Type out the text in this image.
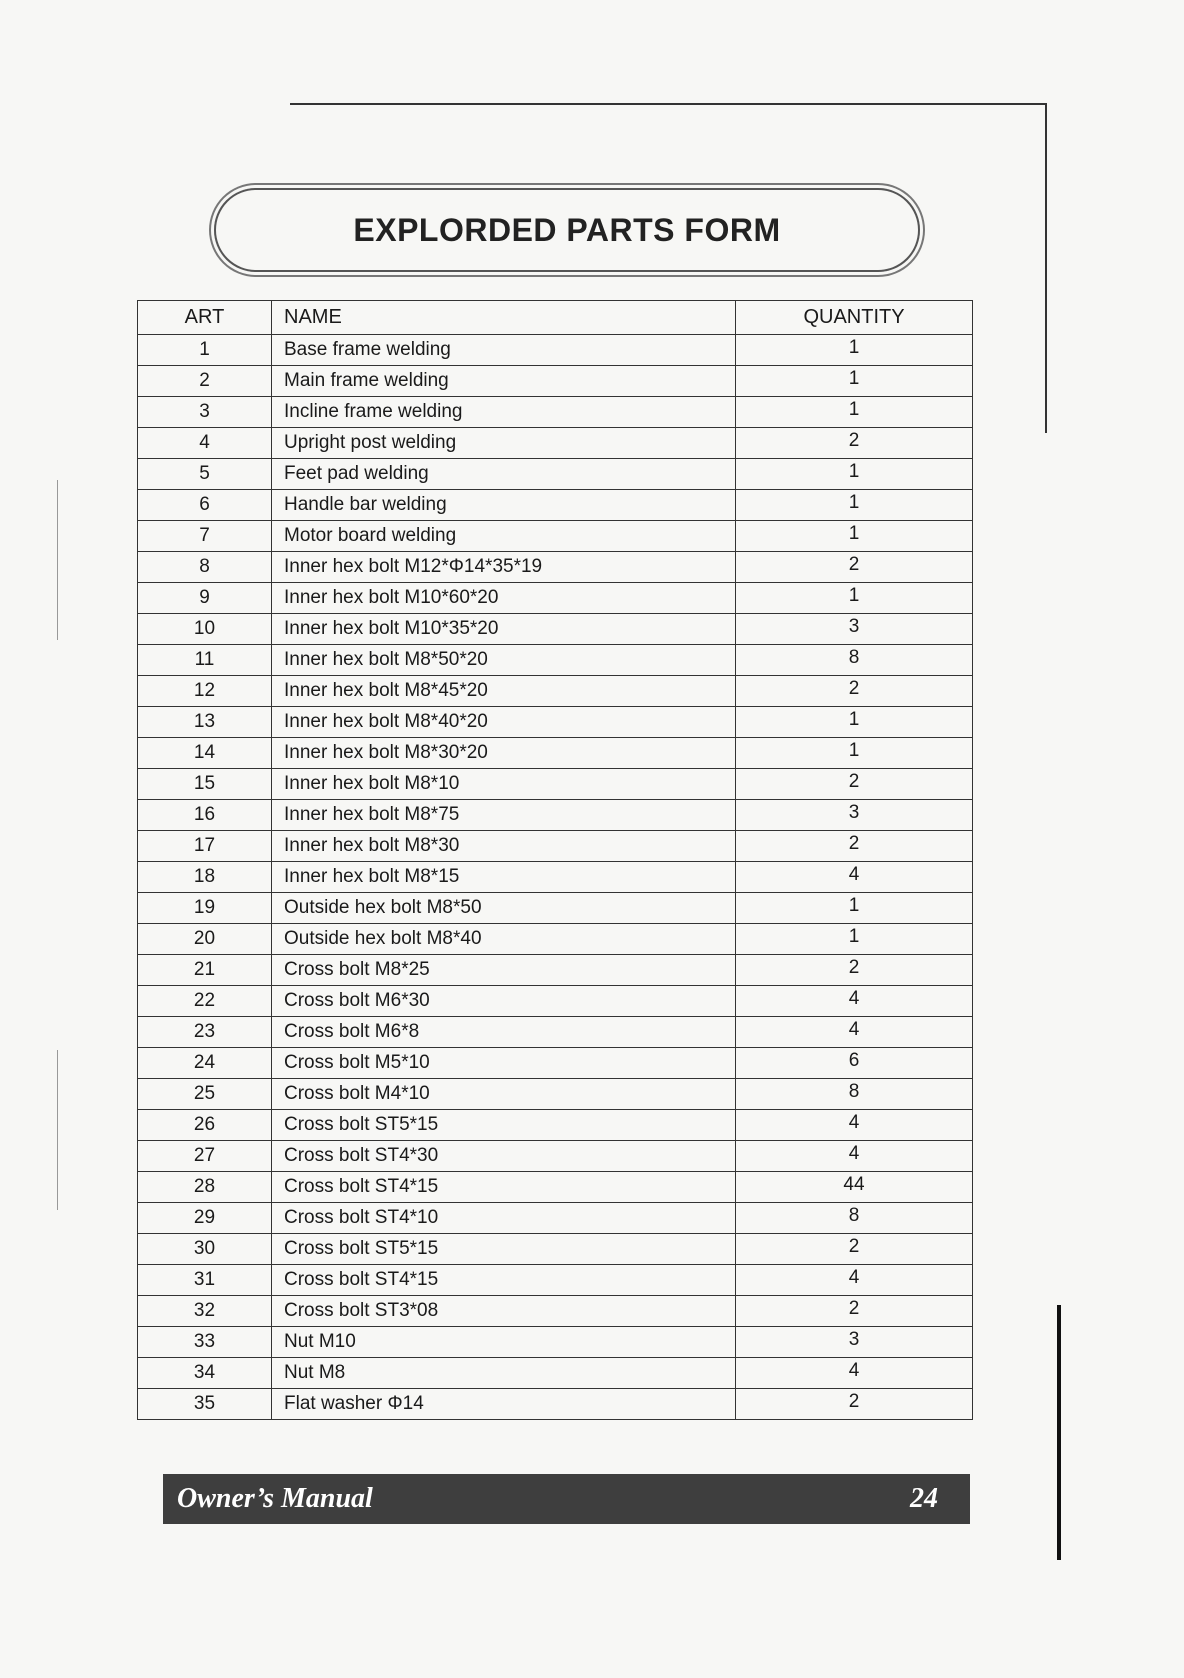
EXPLORDED PARTS FORM
ART	NAME	QUANTITY
1	Base frame welding	1
2	Main frame welding	1
3	Incline frame welding	1
4	Upright post welding	2
5	Feet pad welding	1
6	Handle bar welding	1
7	Motor board welding	1
8	Inner hex bolt M12*Φ14*35*19	2
9	Inner hex bolt M10*60*20	1
10	Inner hex bolt M10*35*20	3
11	Inner hex bolt M8*50*20	8
12	Inner hex bolt M8*45*20	2
13	Inner hex bolt M8*40*20	1
14	Inner hex bolt M8*30*20	1
15	Inner hex bolt M8*10	2
16	Inner hex bolt M8*75	3
17	Inner hex bolt M8*30	2
18	Inner hex bolt M8*15	4
19	Outside hex bolt M8*50	1
20	Outside hex bolt M8*40	1
21	Cross bolt M8*25	2
22	Cross bolt M6*30	4
23	Cross bolt M6*8	4
24	Cross bolt M5*10	6
25	Cross bolt M4*10	8
26	Cross bolt ST5*15	4
27	Cross bolt ST4*30	4
28	Cross bolt ST4*15	44
29	Cross bolt ST4*10	8
30	Cross bolt ST5*15	2
31	Cross bolt ST4*15	4
32	Cross bolt ST3*08	2
33	Nut M10	3
34	Nut M8	4
35	Flat washer Φ14	2
Owner’s Manual	24
